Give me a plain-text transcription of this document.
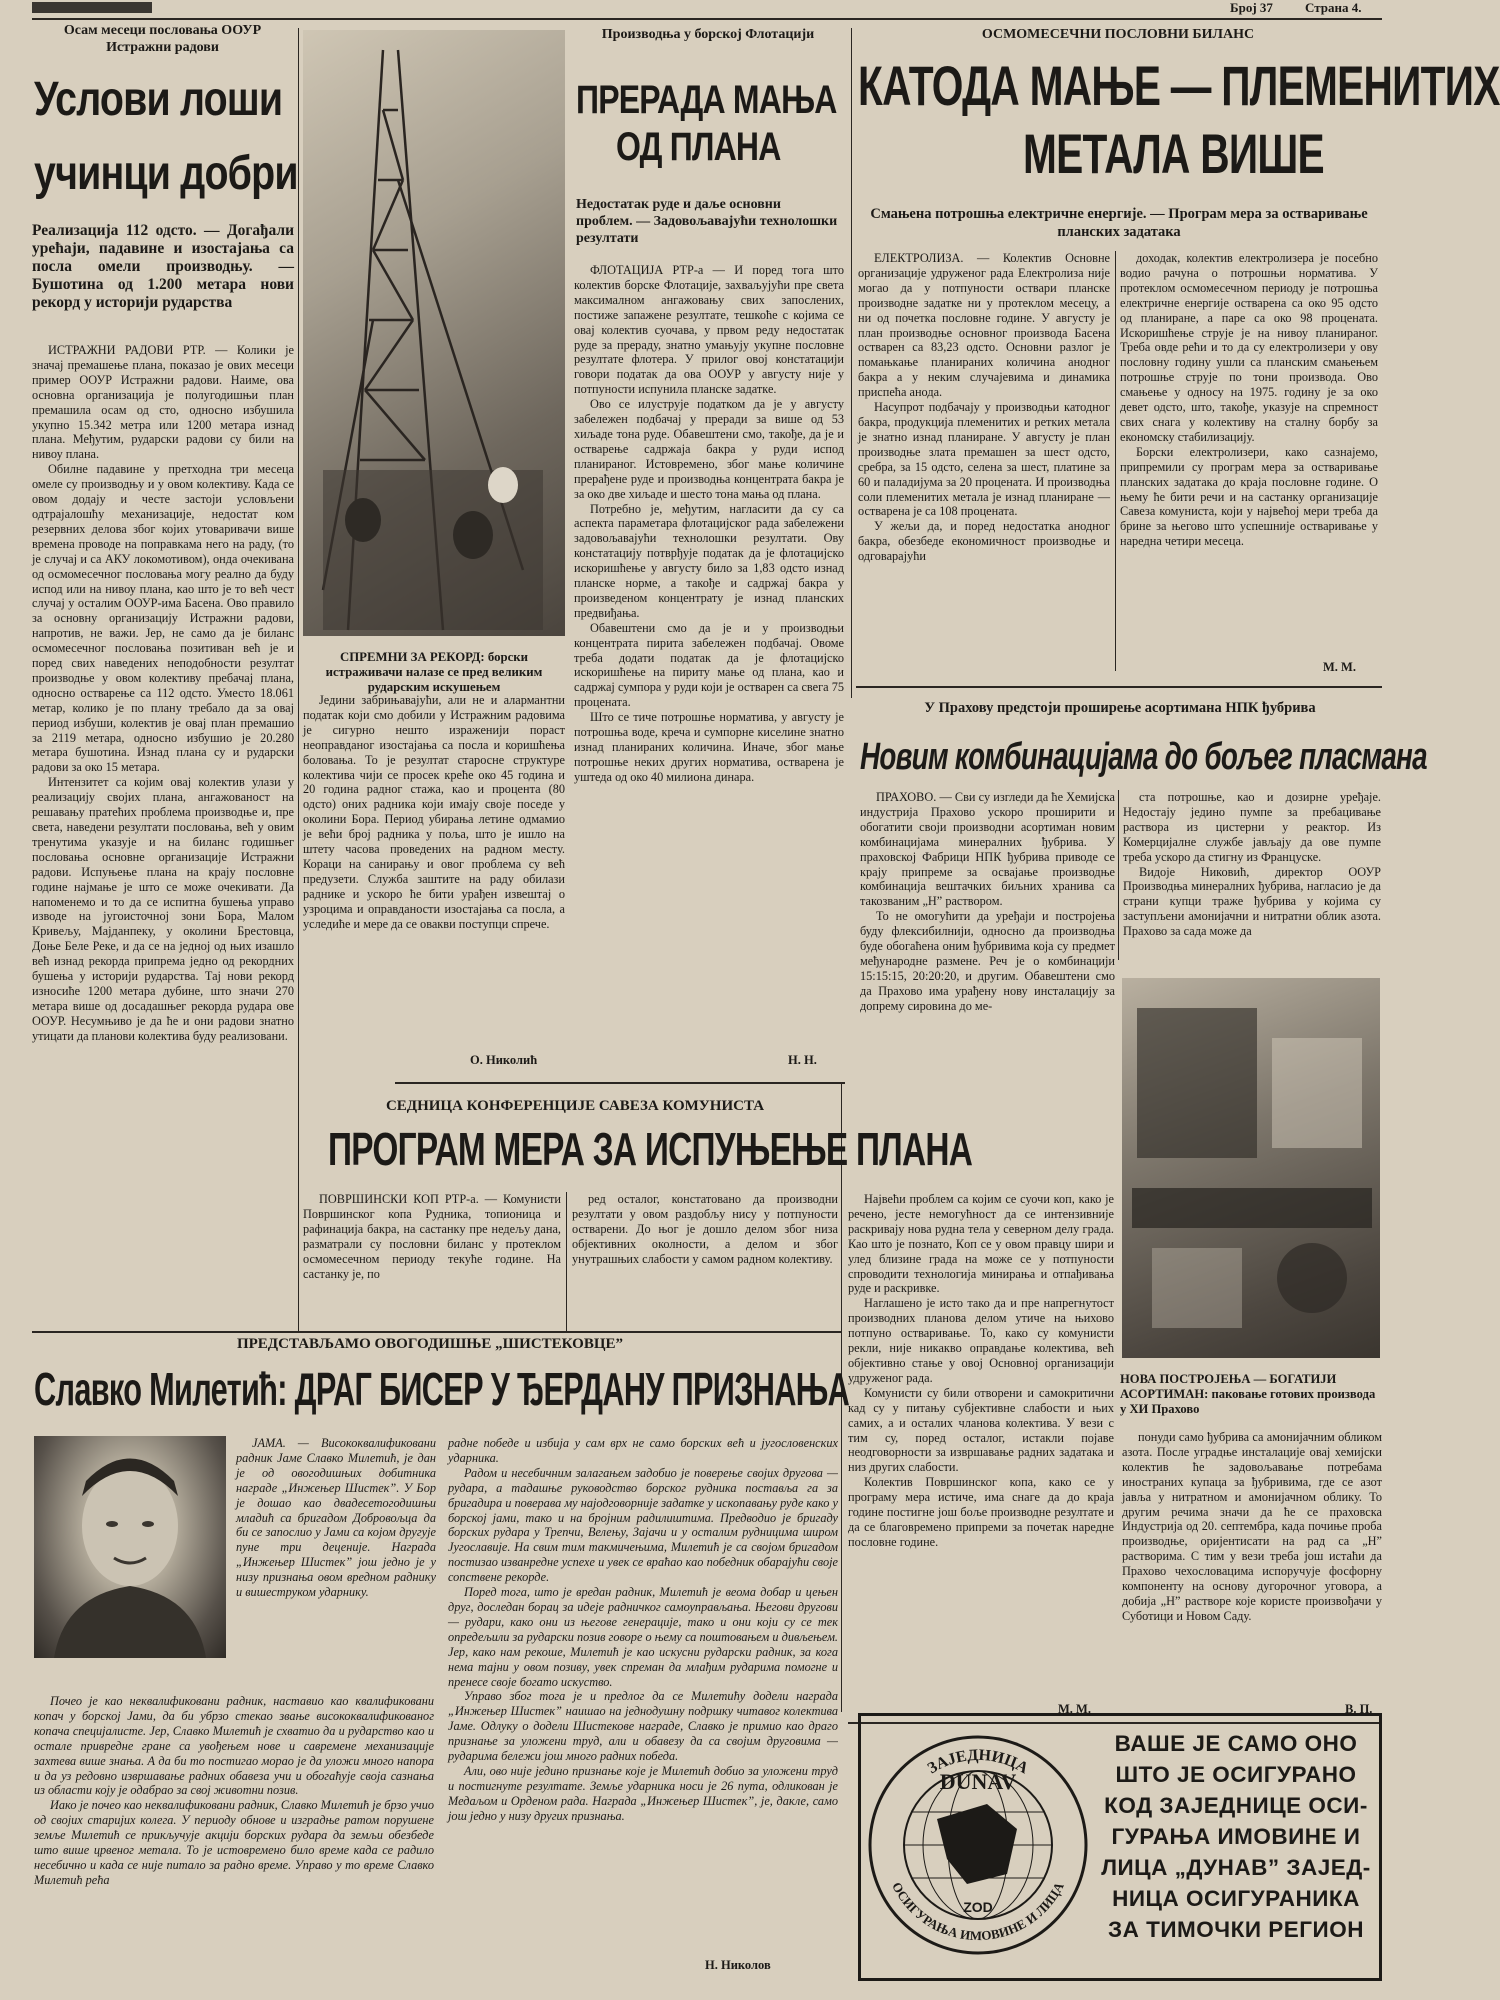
Број 37 Страна 4.
Осам месеци пословања ООУР Истражни радови
Услови лоши
учинци добри
Реализација 112 одсто. — Догађали урећаји, падавине и изостајања са посла омели производњу. — Бушотина од 1.200 метара нови рекорд у историји рударства

ИСТРАЖНИ РАДОВИ РТР. — Колики је значај премашење плана, показао је ових месеци пример ООУР Истражни радови. Наиме, ова основна организација је полугодишњи план премашила осам од сто, односно избушила укупно 15.342 метра или 1200 метара изнад плана. Међутим, рударски радови су били на нивоу плана.

Обилне падавине у претходна три месеца омеле су производњу и у овом колективу. Када се овом додају и честе застоји условљени одтрајалошћу механизације, недостат ком резервних делова због којих утоваривачи више времена проводе на поправкама него на раду, (то је случај и са АКУ локомотивом), онда очекивана од осмомесечног пословања могу реално да буду испод или на нивоу плана, као што је то већ чест случај у осталим ООУР-има Басена. Ово правило за основну организацију Истражни радови, напротив, не важи. Јер, не само да је биланс осмомесечног пословања позитиван већ је и поред свих наведених неподобности резултат производње у овом колективу пребачај плана, односно остварење са 112 одсто. Уместо 18.061 метар, колико је по плану требало да за овај период избуши, колектив је овај план премашио за 2119 метара, односно избушио је 20.280 метара бушотина. Изнад плана су и рударски радови за око 15 метара.

Интензитет са којим овај колектив улази у реализацију својих плана, ангажованост на решавању пратећих проблема производње и, пре света, наведени резултати пословања, већ у овим тренутима указује и на биланс годишњег пословања основне организације Истражни радови. Испуњење плана на крају пословне године најмање је што се може очекивати. Да напоменемо и то да се испитна бушења управо изводе на југоисточној зони Бора, Малом Кривељу, Мајданпеку, у околини Брестовца, Доње Беле Реке, и да се на једној од њих изашло већ изнад рекорда припрема једно од рекордних бушења у историји рударства. Тај нови рекорд износиће 1200 метара дубине, што значи 270 метара више од досадашњег рекорда рудара ове ООУР. Несумњиво је да ће и они радови знатно утицати да планови колектива буду реализовани.

СПРЕМНИ ЗА РЕКОРД: борски истраживачи налазе се пред великим рударским искушењем

Једини забрињавајући, али не и алармантни податак који смо добили у Истражним радовима је сигурно нешто израженији пораст неоправданог изостајања са посла и коришћења боловања. То је резултат старосне структуре колектива чији се просек креће око 45 година и 20 година радног стажа, као и процента (80 одсто) оних радника који имају своје поседе у околини Бора. Период убирања летине одмамио је већи број радника у поља, што је ишло на штету часова проведених на радном месту. Кораци на санирању и овог проблема су већ предузети. Служба заштите на раду обилази раднике и ускоро ће бити урађен извештај о узроцима и оправданости изостајања са посла, а уследиће и мере да се овакви поступци спрече.

О. Николић
Производња у борској Флотацији
ПРЕРАДА МАЊА
ОД ПЛАНА
Недостатак руде и даље основни проблем. — Задовољавајући технолошки резултати

ФЛОТАЦИЈА РТР-а — И поред тога што колектив борске Флотације, захваљујући пре света максималном ангажовању свих запослених, постиже запажене резултате, тешкоће с којима се овај колектив суочава, у првом реду недостатак руде за прераду, знатно умањују укупне пословне резултате флотера. У прилог овој констатацији говори податак да ова ООУР у августу није у потпуности испунила планске задатке.

Ово се илуструје податком да је у августу забележен подбачај у преради за више од 53 хиљаде тона руде. Обавештени смо, такође, да је и остварење садржаја бакра у руди испод планираног. Истовремено, због мање количине прерађене руде и производња концентрата бакра је за око две хиљаде и шесто тона мања од плана.

Потребно је, међутим, нагласити да су са аспекта параметара флотацијског рада забележени задовољавајући технолошки резултати. Ову констатацију потврђује податак да је флотацијско искоришћење у августу било за 1,83 одсто изнад планске норме, а такође и садржај бакра у произведеном концентрату је изнад планских предвиђања.

Обавештени смо да је и у производњи концентрата пирита забележен подбачај. Овоме треба додати податак да је флотацијско искоришћење на пириту мање од плана, као и садржај сумпора у руди који је остварен са свега 75 процената.

Што се тиче потрошње норматива, у августу је потрошња воде, креча и сумпорне киселине знатно изнад планираних количина. Иначе, због мање потрошње неких других норматива, остварена је уштеда од око 40 милиона динара.

Н. Н.
ОСМОМЕСЕЧНИ ПОСЛОВНИ БИЛАНС
КАТОДА МАЊЕ — ПЛЕМЕНИТИХ
МЕТАЛА ВИШЕ
Смањена потрошња електричне енергије. — Програм мера за остваривање планских задатака

ЕЛЕКТРОЛИЗА. — Колектив Основне организације удруженог рада Електролиза није могао да у потпуности оствари планске производне задатке ни у протеклом месецу, а ни од почетка пословне године. У августу је план производње основног производа Басена остварен са 83,23 одсто. Основни разлог је помањкање планираних количина аноднoг бакра а у неким случајевима и динамика приспећа анода.

Насупрот подбачају у производњи катодног бакра, продукција племенитих и ретких метала је знатно изнад планиране. У августу је план производње злата премашен за шест одсто, сребра, за 15 одсто, селена за шест, платине за 60 и паладијума за 20 процената. И производња соли племенитих метала је изнад планиране — остварена је са 108 процената.

У жељи да, и поред недостатка аноднoг бакра, обезбеде економичност производње и одговарајући

доходак, колектив електролизера је посебно водио рачуна о потрошњи норматива. У протеклом осмомесечном периоду је потрошња електричне енергије остварена са око 95 одсто од планиране, а паре са око 98 процената. Искоришћење струје је на нивоу планираног. Треба овде рећи и то да су електролизери у ову пословну годину ушли са планским смањењем потрошње струје по тони производа. Ово смањење у односу на 1975. годину је за око девет одсто, што, такође, указује на спремност свих снага у колективу на сталну борбу за економску стабилизацију.

Борски електролизери, како сазнајемо, припремили су програм мера за остваривање планских задатака до краја пословне године. О њему ће бити речи и на састанку организације Савеза комуниста, који у највећој мери треба да брине за његово што успешније остваривање у наредна четири месеца.

М. М.
У Прахову предстоји проширење асортимана НПК ђубрива
Новим комбинацијама до бољег пласмана

ПРАХОВО. — Сви су изгледи да ће Хемијска индустрија Прахово ускоро проширити и обогатити своји производни асортиман новим комбинацијама минералних ђубрива. У праховској Фабрици НПК ђубрива приводе се крају припреме за освајање производње комбинација вештачких биљних хранива са такозваним „Н” раствором.

То не омогућити да уређаји и постројења буду флексибилнији, односно да производња буде обогаћена оним ђубривима која су предмет међународне размене. Реч је о комбинацији 15:15:15, 20:20:20, и другим. Обавештени смо да Прахово има урађену нову инсталацију за допрему сировина до ме-

ста потрошње, као и дозирне уређаје. Недостају једино пумпе за пребацивање раствора из цистерни у реактор. Из Комерцијалне службе јављају да ове пумпе треба ускоро да стигну из Француске.

Видоје Никовић, директор ООУР Производња минералних ђубрива, нагласио је да страни купци траже ђубрива у којима су заступљени амонијачни и нитратни облик азота. Прахово за сада може да

НОВА ПОСТРОЈЕЊА — БОГАТИЈИ АСОРТИМАН: паковање готових производа у ХИ Прахово

понуди само ђубрива са амонијачним обликом азота. После уградње инсталације овај хемијски колектив ће задовољавање потребама иностраних купаца за ђубривима, где се азот јавља у нитратном и амонијачном облику. То другим речима значи да ће се праховска Индустрија од 20. септембра, када почиње проба производње, оријентисати на рад са „Н” растворима. С тим у вези треба још истаћи да Прахово чехословацима испоручује фосфорну компоненту на основу дугорочног уговора, а добија „Н” растворе које користе произвођачи у Суботици и Новом Саду.

В. П.
СЕДНИЦА КОНФЕРЕНЦИЈЕ САВЕЗА КОМУНИСТА
ПРОГРАМ МЕРА ЗА ИСПУЊЕЊЕ ПЛАНА

ПОВРШИНСКИ КОП РТР-а. — Комунисти Површинског копа Рудника, топионица и рафинација бакра, на састанку пре недељу дана, разматрали су пословни биланс у протеклом осмомесечном периоду текуће године. На састанку је, по

ред осталог, констатовано да производни резултати у овом раздобљу нису у потпуности остварени. До њог је дошло делом због низа објективних околности, а делом и због унутрашњих слабости у самом радном колективу.

Највећи проблем са којим се суочи коп, како је речено, јесте немогућност да се интензивније раскривају нова рудна тела у северном делу града. Као што је познато, Кoп се у овом правцу шири и улед близине града на може се у потпуности спроводити технологија минирања и отпађивања руде и раскривке.

Наглашено је исто тако да и пре напрегнутост производних планова делом утиче на њихово потпуно остваривање. То, како су комунисти рекли, није никакво оправдање колектива, већ објективно стање у овој Основној организацији удруженог рада.

Комунисти су били отворени и самокритични кад су у питању субјективне слабости и њих самих, а и осталих чланова колектива. У вези с тим су, поред осталог, истакли појаве неодговорности за извршавање радних задатака и низ других слабости.

Колектив Површинског копа, како се у програму мера истиче, има снаге да до краја године постигне још боље производне резултате и да се благовремено припреми за почетак наредне пословне године.

М. М.
ПРЕДСТАВЉАМО ОВОГОДИШЊЕ „ШИСТЕКОВЦЕ”
Славко Милетић: ДРАГ БИСЕР У ЂЕРДАНУ ПРИЗНАЊА

ЈАМА. — Висококвалификовани радник Јаме Славко Милетић, је дан је од овогодишњих добитника награде „Инжењер Шистек”. У Бор је дошао као двадесетогодишњи младић са бригадом Добровољца да би се запослио у Јами са којом другује пуне три деценије. Награда „Инжењер Шистек” још једно је у низу признања овом вредном раднику и вишеструком ударнику.

Почео је као неквалификовани радник, наставио као квалификовани копач у борској Јами, да би убрзо стекао звање висококвалификованог копача специјалисте. Јер, Славко Милетић је схватио да и рударство као и остале привредне гране са увођењем нове и савремене механизације захтева више знања. А да би то постигао морао је да уложи много напора и да уз редовно извршавање радних обавеза учи и обогаћује своја сазнања из области коју је одабрао за свој животни позив.

Иако је почео као неквалификовани радник, Славко Милетић је брзо учио од својих старијих колега. У периоду обнове и изградње ратом порушене земље Милетић се прикључује акцији борских рудара да земљи обезбеде што више црвеног метала. То је истовремено било време када се радило несебично и када се није питало за радно време. Управо у то време Славко Милетић рећа

радне победе и избија у сам врх не само борских већ и југословенских ударника.

Радом и несебичним залагањем задобио је поверење својих другова — рудара, а тадашње руководство борског рудника поставља га за бригадира и поверава му најодговорније задатке у ископавању руде како у борској јами, тако и на бројним радилиштима. Предводио је бригаду борских рудара у Трепчи, Велењу, Зајачи и у осталим рудницима широм Југославије. На свим тим такмичењима, Милетић је са својом бригадом постизао изванредне успехе и увек се враћао као победник обарајући своје сопствене рекорде.

Поред тога, што је вредан радник, Милетић је веома добар и цењен друг, доследан борац за идеје радничког самоуправљања. Његови другови — рудари, како они из његове генерације, тако и они који су се тек опредељили за рударски позив говоре о њему са поштовањем и дивљењем. Јер, како нам рекоше, Милетић је као искусни рударски радник, за кога нема тајни у овом позиву, увек спреман да млађим рударима помогне и пренесе своје богато искуство.

Управо због тога је и предлог да се Милетићу додели награда „Инжењер Шистек” наишао на једнодушну подршку читавог колектива Јаме. Одлуку о додели Шистекове награде, Славко је примио као драго признање за уложени труд, али и обавезу да са својим друговима — рударима бележи још много радних победа.

Али, ово није једино признање које је Милетић добио за уложени труд и постигнуте резултате. Земље ударника носи је 26 пута, одликован је Медаљом и Орденом рада. Награда „Инжењер Шистек”, је, дакле, само још једно у низу других признања.

Н. Николов
ЗАЈЕДНИЦА
ОСИГУРАЊА ИМОВИНЕ И ЛИЦА
DUNAV
ZOD
ВАШЕ ЈЕ САМО ОНО
ШТО ЈЕ ОСИГУРАНО
КОД ЗАЈЕДНИЦЕ ОСИ-
ГУРАЊА ИМОВИНЕ И
ЛИЦА „ДУНАВ” ЗАЈЕД-
НИЦА ОСИГУРАНИКА
ЗА ТИМОЧКИ РЕГИОН
